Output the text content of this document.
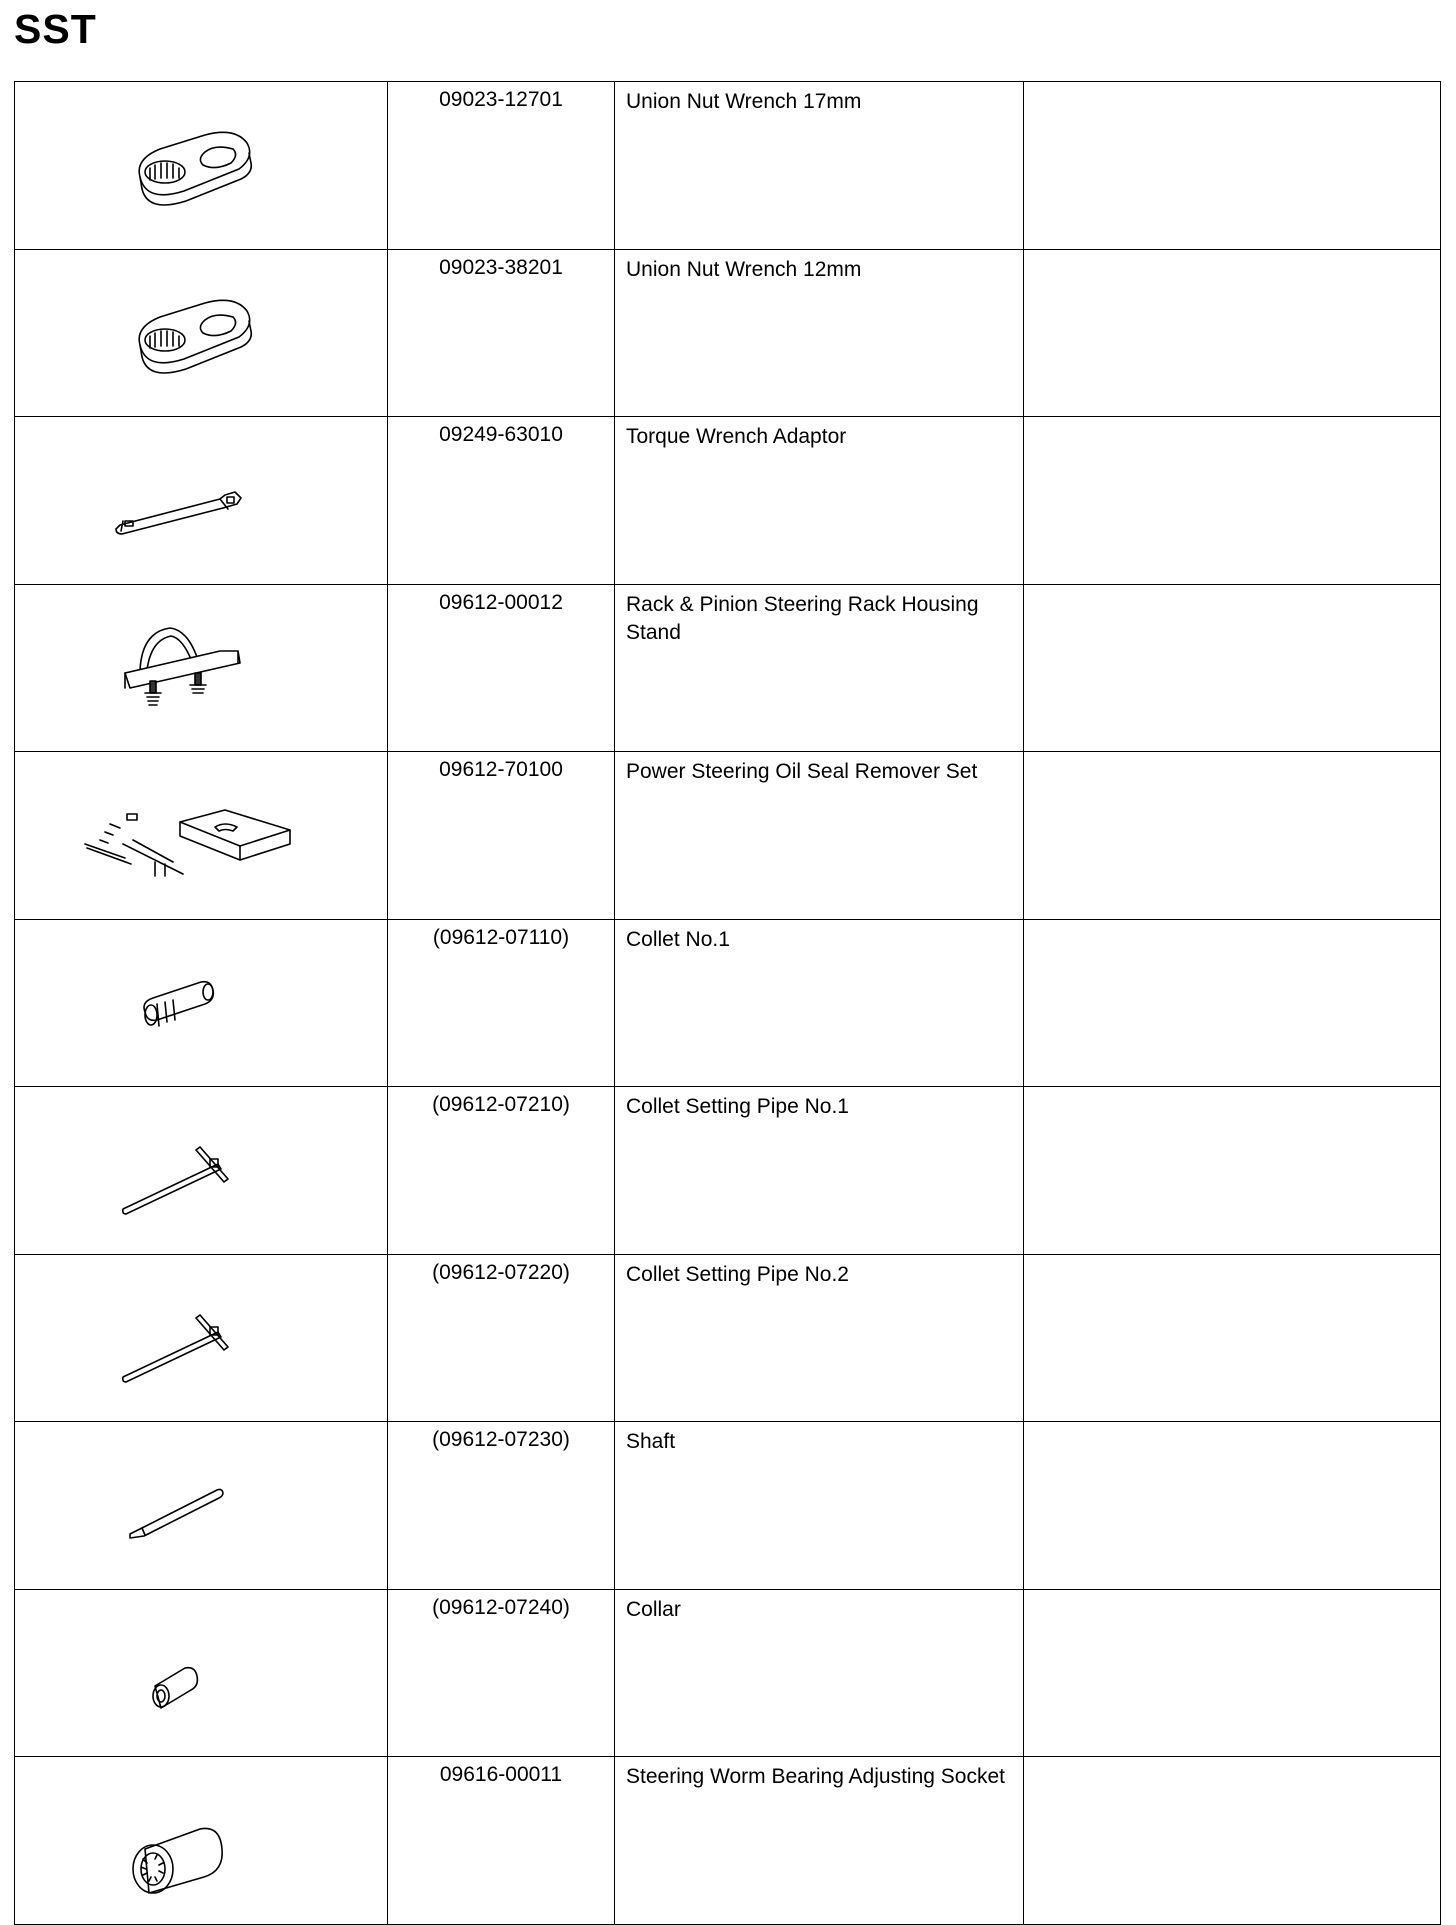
SST
	09023-12701	Union Nut Wrench 17mm	

	09023-38201	Union Nut Wrench 12mm	

	09249-63010	Torque Wrench Adaptor	

	09612-00012	Rack & Pinion Steering Rack Housing Stand	

	09612-70100	Power Steering Oil Seal Remover Set	

	(09612-07110)	Collet No.1	

	(09612-07210)	Collet Setting Pipe No.1	

	(09612-07220)	Collet Setting Pipe No.2	

	(09612-07230)	Shaft	

	(09612-07240)	Collar	

	09616-00011	Steering Worm Bearing Adjusting Socket	
